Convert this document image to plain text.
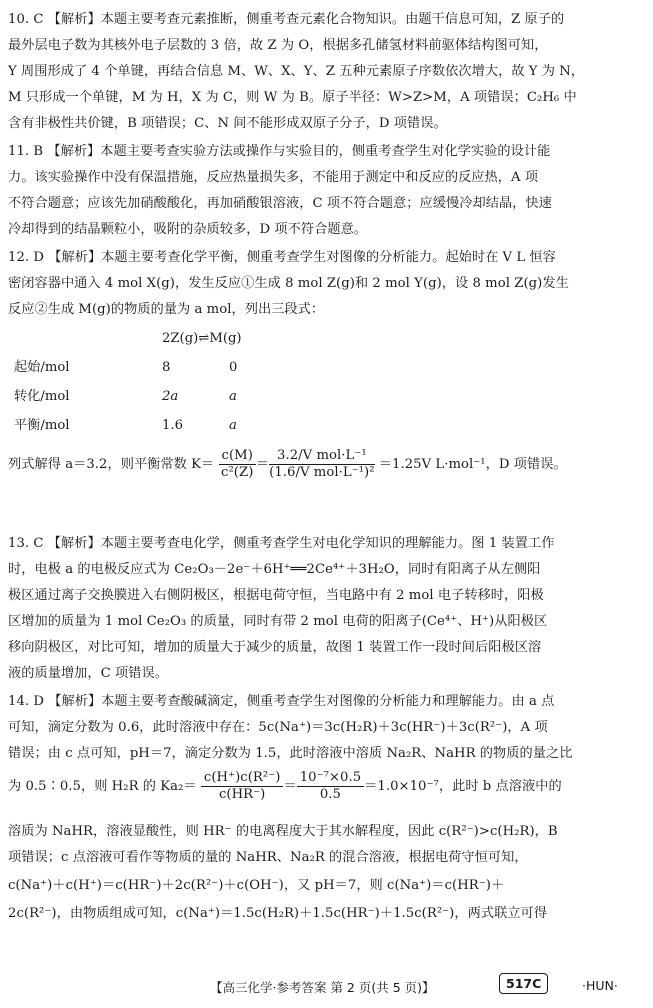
10. C 【解析】本题主要考查元素推断，侧重考查元素化合物知识。由题干信息可知，Z 原子的
最外层电子数为其核外电子层数的 3 倍，故 Z 为 O，根据多孔储氢材料前驱体结构图可知，
Y 周围形成了 4 个单键，再结合信息 M、W、X、Y、Z 五种元素原子序数依次增大，故 Y 为 N，
M 只形成一个单键，M 为 H，X 为 C，则 W 为 B。原子半径：W>Z>M，A 项错误；C₂H₆ 中
含有非极性共价键，B 项错误；C、N 间不能形成双原子分子，D 项错误。
11. B 【解析】本题主要考查实验方法或操作与实验目的，侧重考查学生对化学实验的设计能
力。该实验操作中没有保温措施，反应热量损失多，不能用于测定中和反应的反应热，A 项
不符合题意；应该先加硝酸酸化，再加硝酸银溶液，C 项不符合题意；应缓慢冷却结晶，快速
冷却得到的结晶颗粒小，吸附的杂质较多，D 项不符合题意。
12. D 【解析】本题主要考查化学平衡，侧重考查学生对图像的分析能力。起始时在 V L 恒容
密闭容器中通入 4 mol X(g)，发生反应①生成 8 mol Z(g)和 2 mol Y(g)，设 8 mol Z(g)发生
反应②生成 M(g)的物质的量为 a mol，列出三段式：
2Z(g)⇌M(g)
起始/mol	8	0
转化/mol	2a	a
平衡/mol	1.6	a
列式解得 a＝3.2，则平衡常数 $K= \frac{c(M)}{\text{c²(Z)}} = \frac{\text{3.2/V mol·L⁻¹}}{\text{(1.6/V mol·L⁻¹)²}} =1.25V$ L·mol⁻¹，D 项错误。
13. C 【解析】本题主要考查电化学，侧重考查学生对电化学知识的理解能力。图 1 装置工作
时，电极 a 的电极反应式为 Ce₂O₃－2e⁻＋6H⁺══2Ce⁴⁺＋3H₂O，同时有阳离子从左侧阳
极区通过离子交换膜进入右侧阴极区，根据电荷守恒，当电路中有 2 mol 电子转移时，阳极
区增加的质量为 1 mol Ce₂O₃ 的质量，同时有带 2 mol 电荷的阳离子(Ce⁴⁺、H⁺)从阳极区
移向阴极区，对比可知，增加的质量大于减少的质量，故图 1 装置工作一段时间后阳极区溶
液的质量增加，C 项错误。
14. D 【解析】本题主要考查酸碱滴定，侧重考查学生对图像的分析能力和理解能力。由 a 点
可知，滴定分数为 0.6，此时溶液中存在：5c(Na⁺)＝3c(H₂R)＋3c(HR⁻)＋3c(R²⁻)，A 项
错误；由 c 点可知，pH＝7，滴定分数为 1.5，此时溶液中溶质 Na₂R、NaHR 的物质的量之比
为 0.5∶0.5，则 H₂R 的 $Ka_2= \frac{\text{c(H⁺)c(R²⁻)}}{c(HR^-)} = \frac{\text{10⁻⁷×0.5}}{0.5} =1.0\times 10^{-7}$，此时 b 点溶液中的
溶质为 NaHR，溶液显酸性，则 HR⁻ 的电离程度大于其水解程度，因此 c(R²⁻)>c(H₂R)，B
项错误；c 点溶液可看作等物质的量的 NaHR、Na₂R 的混合溶液，根据电荷守恒可知，
c(Na⁺)＋c(H⁺)＝c(HR⁻)＋2c(R²⁻)＋c(OH⁻)，又 pH＝7，则 c(Na⁺)＝c(HR⁻)＋
2c(R²⁻)，由物质组成可知，c(Na⁺)＝1.5c(H₂R)＋1.5c(HR⁻)＋1.5c(R²⁻)，两式联立可得
【高三化学·参考答案 第 2 页(共 5 页)】	517C	·HUN·
